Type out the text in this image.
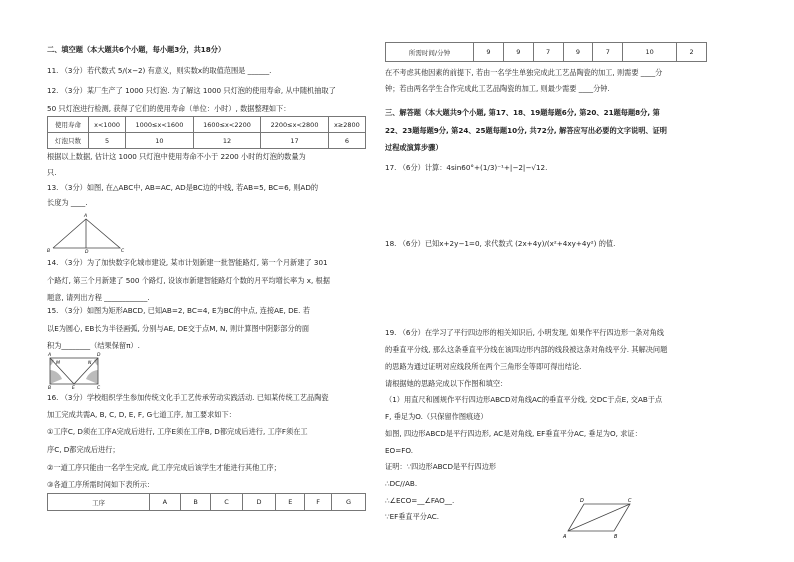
二、填空题（本大题共6个小题，每小题3分，共18分）
11. （3分）若代数式 5/(x−2) 有意义，则实数x的取值范围是 ______.
12. （3分）某厂生产了 1000 只灯泡. 为了解这 1000 只灯泡的使用寿命, 从中随机抽取了
50 只灯泡进行检测, 获得了它们的使用寿命（单位：小时）, 数据整理如下：
使用寿命	x<1000	1000≤x<1600	1600≤x<2200	2200≤x<2800	x≥2800
灯泡只数	5	10	12	17	6
根据以上数据, 估计这 1000 只灯泡中使用寿命不小于 2200 小时的灯泡的数量为
只.
13. （3分）如图, 在△ABC中, AB=AC, AD是BC边的中线, 若AB=5, BC=6, 则AD的
长度为 ____.
A
B	D	C
14. （3分）为了加快数字化城市建设, 某市计划新建一批智能路灯, 第一个月新建了 301
个路灯, 第三个月新建了 500 个路灯, 设该市新建智能路灯个数的月平均增长率为 x, 根据
题意, 请列出方程 ____________.
15. （3分）如图为矩形ABCD, 已知AB=2, BC=4, E为BC的中点, 连接AE, DE. 若
以E为圆心, EB长为半径画弧, 分别与AE, DE交于点M, N, 则计算图中阴影部分的面
积为________（结果保留π）.
A	D
M	N
B	E	C
16. （3分）学校组织学生参加传统文化手工艺传承劳动实践活动. 已知某传统工艺品陶瓷
加工完成共需A, B, C, D, E, F, G七道工序, 加工要求如下：
①工序C, D须在工序A完成后进行, 工序E须在工序B, D都完成后进行, 工序F须在工
序C, D都完成后进行；
②一道工序只能由一名学生完成, 此工序完成后该学生才能进行其他工序；
③各道工序所需时间如下表所示：
工序	A	B	C	D	E	F	G
所需时间/分钟	9	9	7	9	7	10	2
在不考虑其他因素的前提下, 若由一名学生单独完成此工艺品陶瓷的加工, 则需要 ____分
钟；若由两名学生合作完成此工艺品陶瓷的加工, 则最少需要 ____分钟.
三、解答题（本大题共9个小题, 第17、18、19题每题6分, 第20、21题每题8分, 第
22、23题每题9分, 第24、25题每题10分, 共72分, 解答应写出必要的文字说明、证明
过程或演算步骤）
17. （6分）计算：4sin60°+(1/3)⁻¹+|−2|−√12.
18. （6分）已知x+2y−1=0, 求代数式 (2x+4y)/(x²+4xy+4y²) 的值.
19. （6分）在学习了平行四边形的相关知识后, 小明发现, 如果作平行四边形一条对角线
的垂直平分线, 那么这条垂直平分线在该四边形内部的线段被这条对角线平分. 其解决问题
的思路为通过证明对应线段所在两个三角形全等即可得出结论.
请根据她的思路完成以下作图和填空：
（1）用直尺和圆规作平行四边形ABCD对角线AC的垂直平分线, 交DC于点E, 交AB于点
F, 垂足为O.（只保留作图痕迹）
如图, 四边形ABCD是平行四边形, AC是对角线, EF垂直平分AC, 垂足为O, 求证：
EO=FO.
证明：∵四边形ABCD是平行四边形
∴DC//AB.
∴∠ECO=__∠FAO__.
∵EF垂直平分AC.
D	C
A	B
